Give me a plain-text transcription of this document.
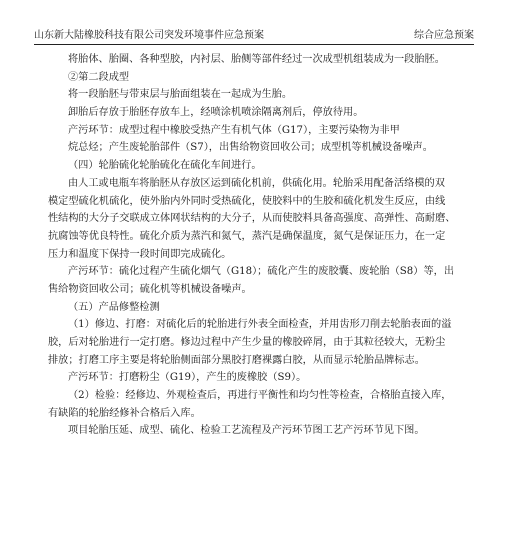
山东新大陆橡胶科技有限公司突发环境事件应急预案	综合应急预案

将胎体、胎圈、各种型胶，内衬层、胎侧等部件经过一次成型机组装成为一段胎胚。

②第二段成型

将一段胎胚与带束层与胎面组装在一起成为生胎。

卸胎后存放于胎胚存放车上，经喷涂机喷涂隔离剂后，停放待用。

产污环节：成型过程中橡胶受热产生有机气体（G17），主要污染物为非甲

烷总烃；产生废轮胎部件（S7），出售给物资回收公司；成型机等机械设备噪声。

（四）轮胎硫化轮胎硫化在硫化车间进行。

由人工或电瓶车将胎胚从存放区运到硫化机前，供硫化用。轮胎采用配备活络模的双

模定型硫化机硫化，使外胎内外同时受热硫化，使胶料中的生胶和硫化机发生反应，由线

性结构的大分子交联成立体网状结构的大分子，从而使胶料具备高强度、高弹性、高耐磨、

抗腐蚀等优良特性。硫化介质为蒸汽和氮气，蒸汽是确保温度，氮气是保证压力，在一定

压力和温度下保持一段时间即完成硫化。

产污环节：硫化过程产生硫化烟气（G18）；硫化产生的废胶囊、废轮胎（S8）等，出

售给物资回收公司；硫化机等机械设备噪声。

（五）产品修整检测

（1）修边、打磨：对硫化后的轮胎进行外表全面检查，并用齿形刀削去轮胎表面的溢

胶，后对轮胎进行一定打磨。修边过程中产生少量的橡胶碎屑，由于其粒径较大，无粉尘

排放；打磨工序主要是将轮胎侧面部分黑胶打磨裸露白胶，从而显示轮胎品牌标志。

产污环节：打磨粉尘（G19），产生的废橡胶（S9）。

（2）检验：经修边、外观检查后，再进行平衡性和均匀性等检查，合格胎直接入库，

有缺陷的轮胎经修补合格后入库。

项目轮胎压延、成型、硫化、检验工艺流程及产污环节图工艺产污环节见下图。
